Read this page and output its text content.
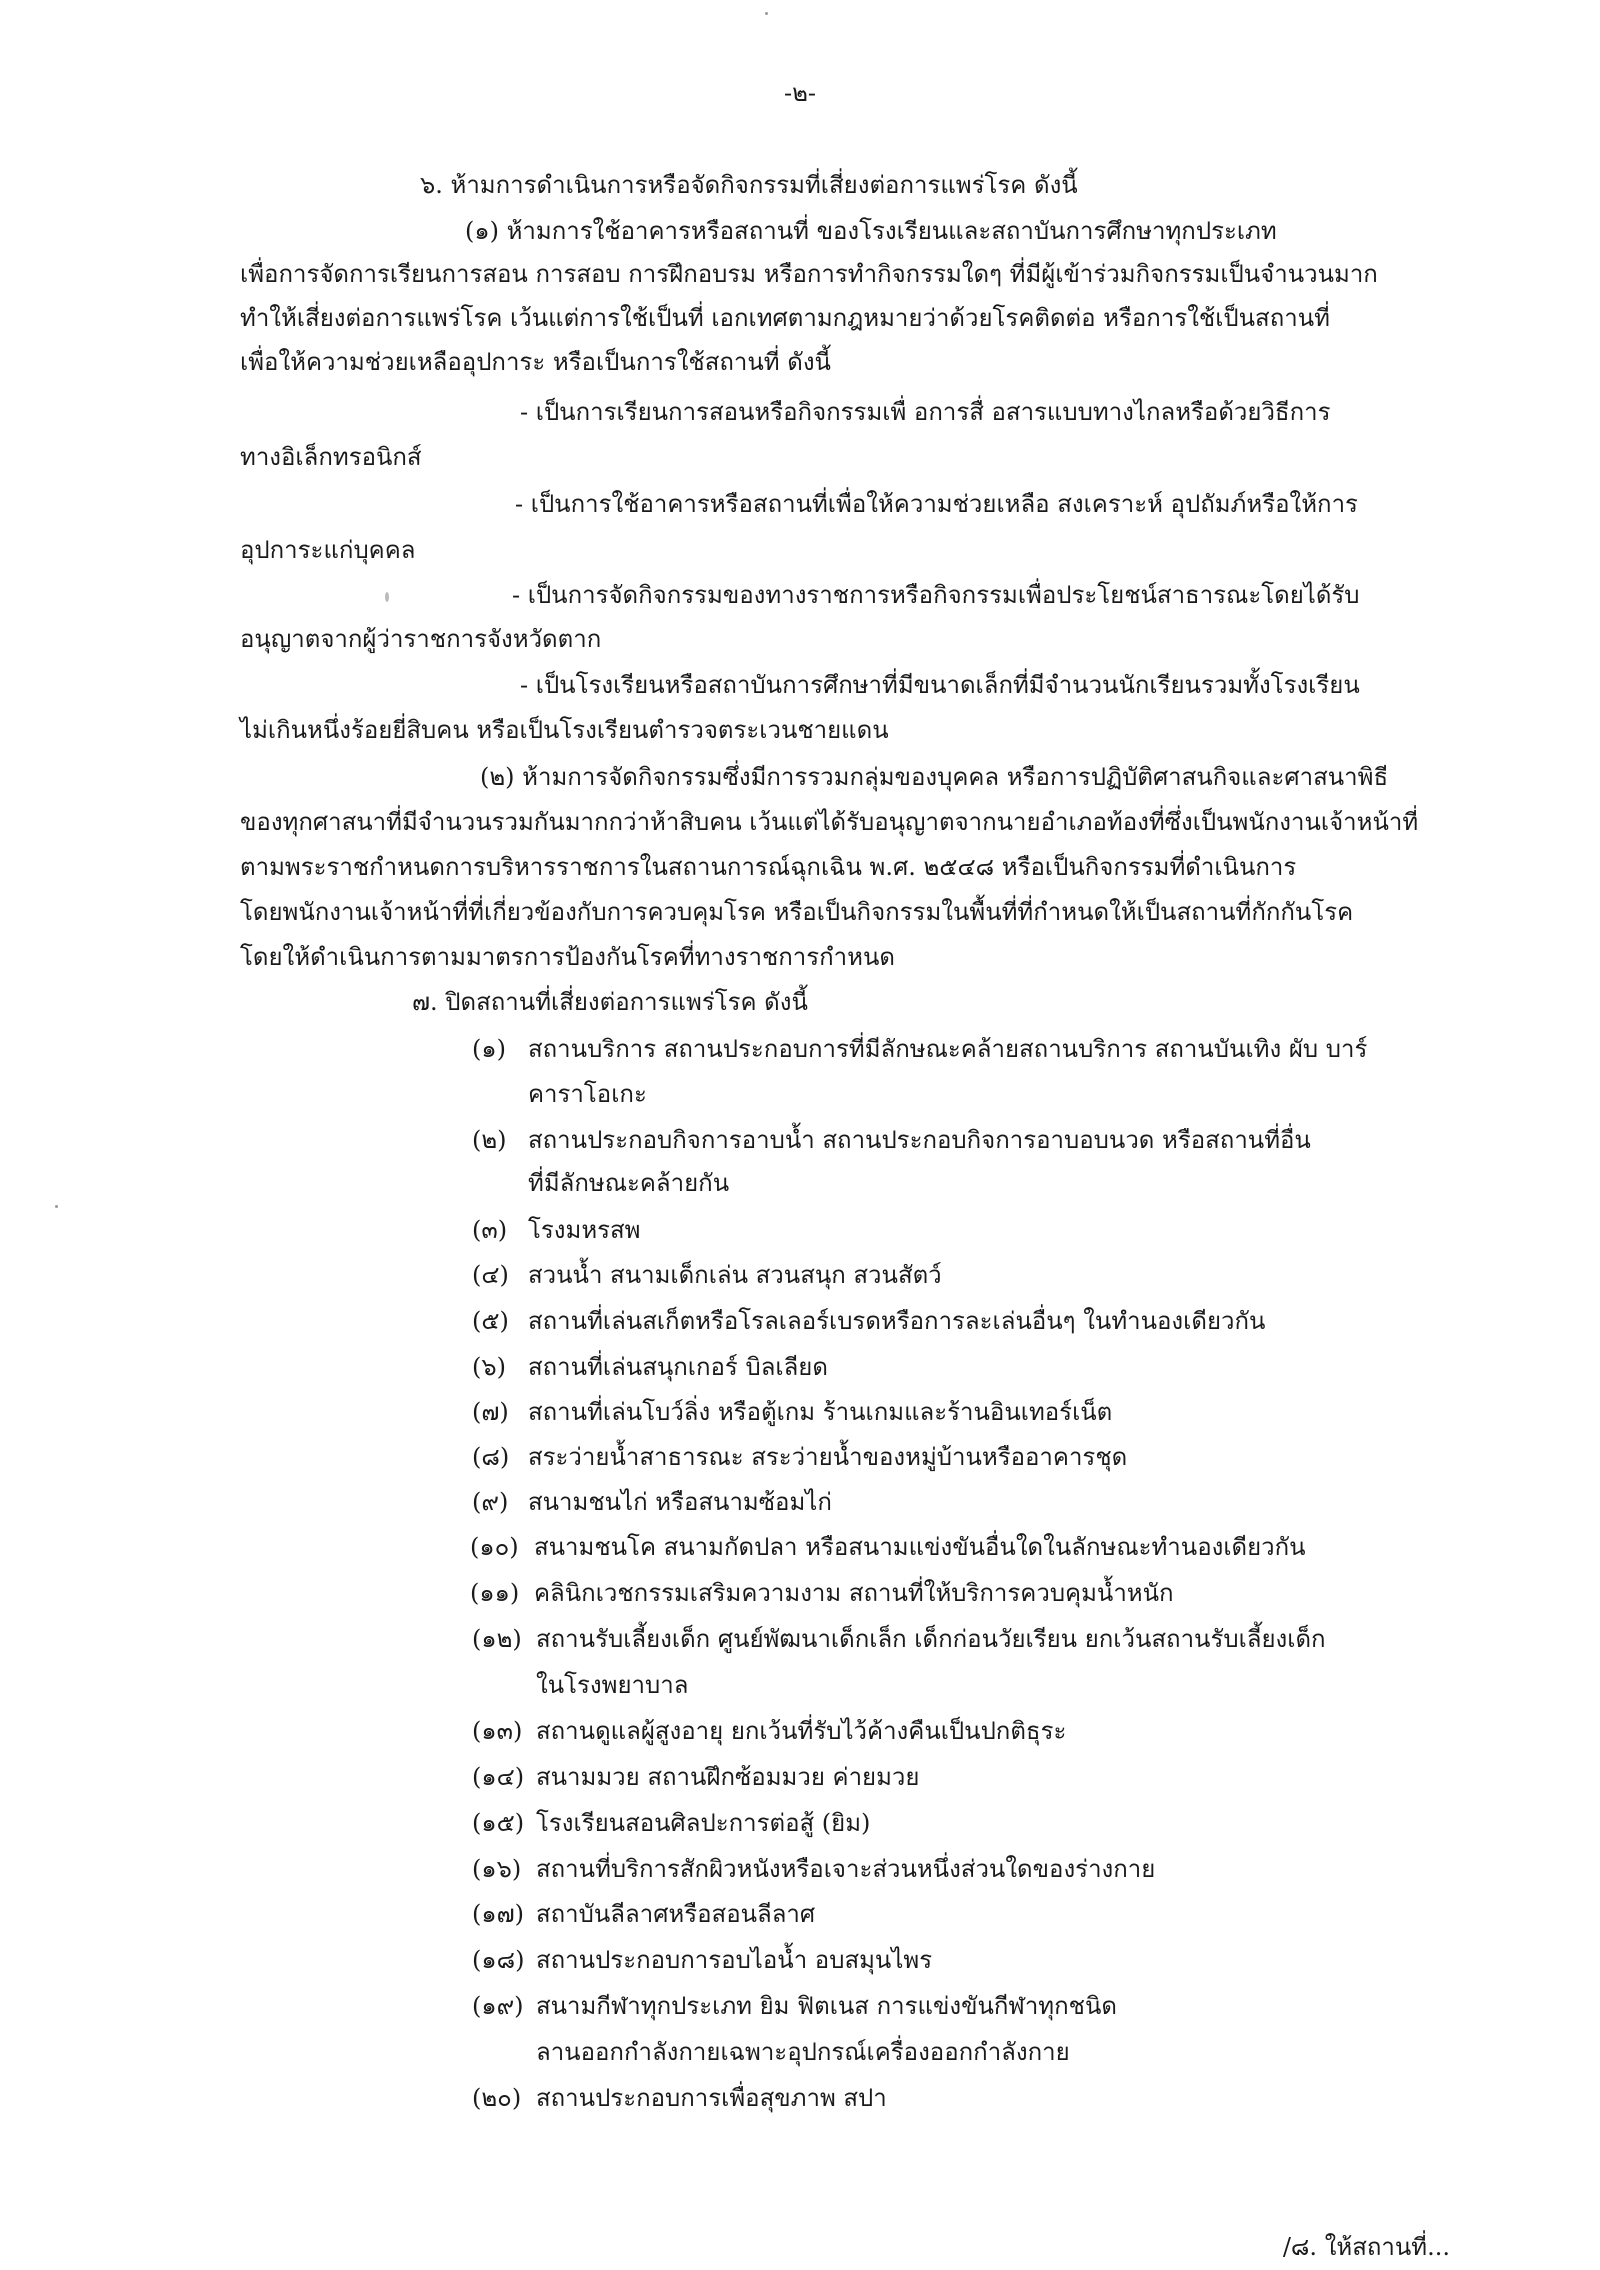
-๒-
๖. ห้ามการดำเนินการหรือจัดกิจกรรมที่เสี่ยงต่อการแพร่โรค ดังนี้
(๑) ห้ามการใช้อาคารหรือสถานที่ ของโรงเรียนและสถาบันการศึกษาทุกประเภท
เพื่อการจัดการเรียนการสอน การสอบ การฝึกอบรม หรือการทำกิจกรรมใดๆ ที่มีผู้เข้าร่วมกิจกรรมเป็นจำนวนมาก
ทำให้เสี่ยงต่อการแพร่โรค เว้นแต่การใช้เป็นที่ เอกเทศตามกฎหมายว่าด้วยโรคติดต่อ หรือการใช้เป็นสถานที่
เพื่อให้ความช่วยเหลืออุปการะ หรือเป็นการใช้สถานที่ ดังนี้
- เป็นการเรียนการสอนหรือกิจกรรมเพื่ อการสื่ อสารแบบทางไกลหรือด้วยวิธีการ
ทางอิเล็กทรอนิกส์
- เป็นการใช้อาคารหรือสถานที่เพื่อให้ความช่วยเหลือ สงเคราะห์ อุปถัมภ์หรือให้การ
อุปการะแก่บุคคล
- เป็นการจัดกิจกรรมของทางราชการหรือกิจกรรมเพื่อประโยชน์สาธารณะโดยได้รับ
อนุญาตจากผู้ว่าราชการจังหวัดตาก
- เป็นโรงเรียนหรือสถาบันการศึกษาที่มีขนาดเล็กที่มีจำนวนนักเรียนรวมทั้งโรงเรียน
ไม่เกินหนึ่งร้อยยี่สิบคน หรือเป็นโรงเรียนตำรวจตระเวนชายแดน
(๒) ห้ามการจัดกิจกรรมซึ่งมีการรวมกลุ่มของบุคคล หรือการปฏิบัติศาสนกิจและศาสนาพิธี
ของทุกศาสนาที่มีจำนวนรวมกันมากกว่าห้าสิบคน เว้นแต่ได้รับอนุญาตจากนายอำเภอท้องที่ซึ่งเป็นพนักงานเจ้าหน้าที่
ตามพระราชกำหนดการบริหารราชการในสถานการณ์ฉุกเฉิน พ.ศ. ๒๕๔๘ หรือเป็นกิจกรรมที่ดำเนินการ
โดยพนักงานเจ้าหน้าที่ที่เกี่ยวข้องกับการควบคุมโรค หรือเป็นกิจกรรมในพื้นที่ที่กำหนดให้เป็นสถานที่กักกันโรค
โดยให้ดำเนินการตามมาตรการป้องกันโรคที่ทางราชการกำหนด
๗. ปิดสถานที่เสี่ยงต่อการแพร่โรค ดังนี้
(๑) สถานบริการ สถานประกอบการที่มีลักษณะคล้ายสถานบริการ สถานบันเทิง ผับ บาร์
คาราโอเกะ
(๒) สถานประกอบกิจการอาบน้ำ สถานประกอบกิจการอาบอบนวด หรือสถานที่อื่น
ที่มีลักษณะคล้ายกัน
(๓) โรงมหรสพ
(๔) สวนน้ำ สนามเด็กเล่น สวนสนุก สวนสัตว์
(๕) สถานที่เล่นสเก็ตหรือโรลเลอร์เบรดหรือการละเล่นอื่นๆ ในทำนองเดียวกัน
(๖) สถานที่เล่นสนุกเกอร์ บิลเลียด
(๗) สถานที่เล่นโบว์ลิ่ง หรือตู้เกม ร้านเกมและร้านอินเทอร์เน็ต
(๘) สระว่ายน้ำสาธารณะ สระว่ายน้ำของหมู่บ้านหรืออาคารชุด
(๙) สนามชนไก่ หรือสนามซ้อมไก่
(๑๐) สนามชนโค สนามกัดปลา หรือสนามแข่งขันอื่นใดในลักษณะทำนองเดียวกัน
(๑๑) คลินิกเวชกรรมเสริมความงาม สถานที่ให้บริการควบคุมน้ำหนัก
(๑๒) สถานรับเลี้ยงเด็ก ศูนย์พัฒนาเด็กเล็ก เด็กก่อนวัยเรียน ยกเว้นสถานรับเลี้ยงเด็ก
ในโรงพยาบาล
(๑๓) สถานดูแลผู้สูงอายุ ยกเว้นที่รับไว้ค้างคืนเป็นปกติธุระ
(๑๔) สนามมวย สถานฝึกซ้อมมวย ค่ายมวย
(๑๕) โรงเรียนสอนศิลปะการต่อสู้ (ยิม)
(๑๖) สถานที่บริการสักผิวหนังหรือเจาะส่วนหนึ่งส่วนใดของร่างกาย
(๑๗) สถาบันลีลาศหรือสอนลีลาศ
(๑๘) สถานประกอบการอบไอน้ำ อบสมุนไพร
(๑๙) สนามกีฬาทุกประเภท ยิม ฟิตเนส การแข่งขันกีฬาทุกชนิด
ลานออกกำลังกายเฉพาะอุปกรณ์เครื่องออกกำลังกาย
(๒๐) สถานประกอบการเพื่อสุขภาพ สปา
/๘. ให้สถานที่...
